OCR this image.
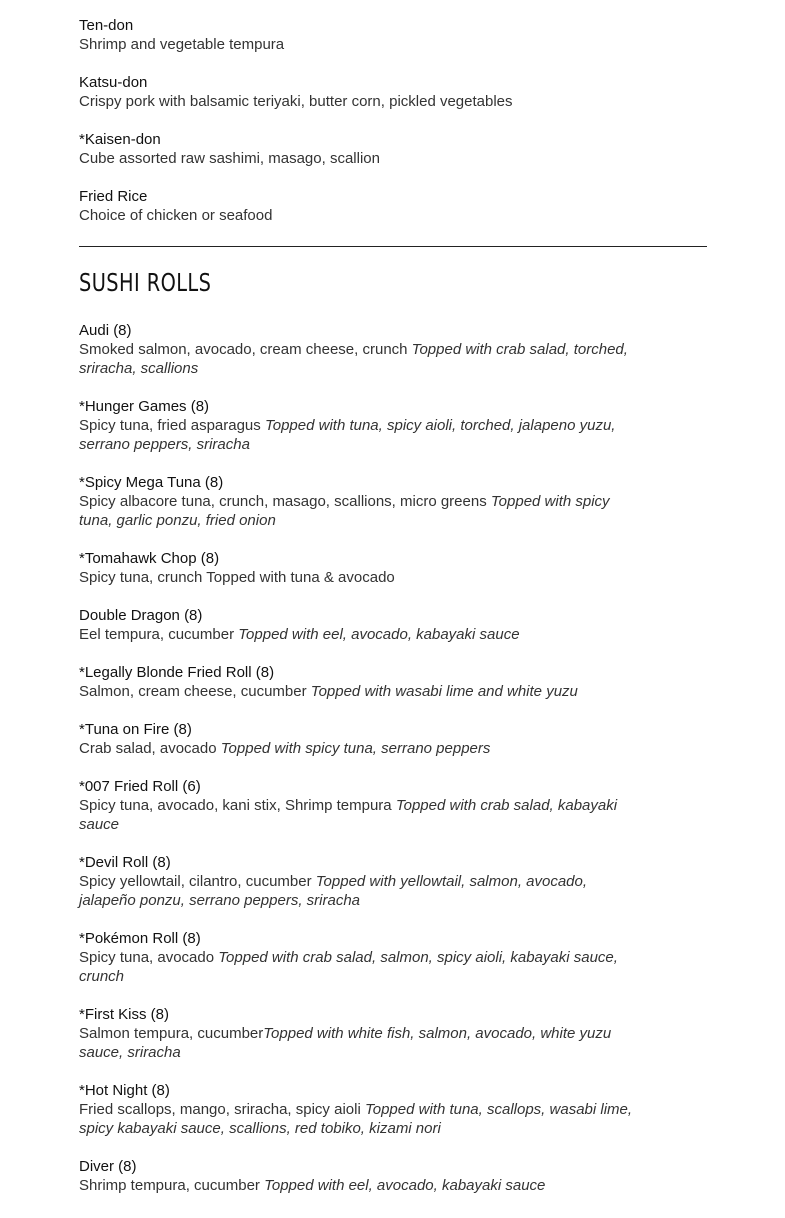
Ten-don
Shrimp and vegetable tempura
Katsu-don
Crispy pork with balsamic teriyaki, butter corn, pickled vegetables
*Kaisen-don
Cube assorted raw sashimi, masago, scallion
Fried Rice
Choice of chicken or seafood
SUSHI ROLLS
Audi (8)
Smoked salmon, avocado, cream cheese, crunch Topped with crab salad, torched, sriracha, scallions
*Hunger Games (8)
Spicy tuna, fried asparagus Topped with tuna, spicy aioli, torched, jalapeno yuzu, serrano peppers, sriracha
*Spicy Mega Tuna (8)
Spicy albacore tuna, crunch, masago, scallions, micro greens Topped with spicy tuna, garlic ponzu, fried onion
*Tomahawk Chop (8)
Spicy tuna, crunch Topped with tuna & avocado
Double Dragon (8)
Eel tempura, cucumber Topped with eel, avocado, kabayaki sauce
*Legally Blonde Fried Roll (8)
Salmon, cream cheese, cucumber Topped with wasabi lime and white yuzu
*Tuna on Fire (8)
Crab salad, avocado Topped with spicy tuna, serrano peppers
*007 Fried Roll (6)
Spicy tuna, avocado, kani stix, Shrimp tempura Topped with crab salad, kabayaki sauce
*Devil Roll (8)
Spicy yellowtail, cilantro, cucumber Topped with yellowtail, salmon, avocado, jalapeño ponzu, serrano peppers, sriracha
*Pokémon Roll (8)
Spicy tuna, avocado Topped with crab salad, salmon, spicy aioli, kabayaki sauce, crunch
*First Kiss (8)
Salmon tempura, cucumberTopped with white fish, salmon, avocado, white yuzu sauce, sriracha
*Hot Night (8)
Fried scallops, mango, sriracha, spicy aioli Topped with tuna, scallops, wasabi lime, spicy kabayaki sauce, scallions, red tobiko, kizami nori
Diver (8)
Shrimp tempura, cucumber Topped with eel, avocado, kabayaki sauce
